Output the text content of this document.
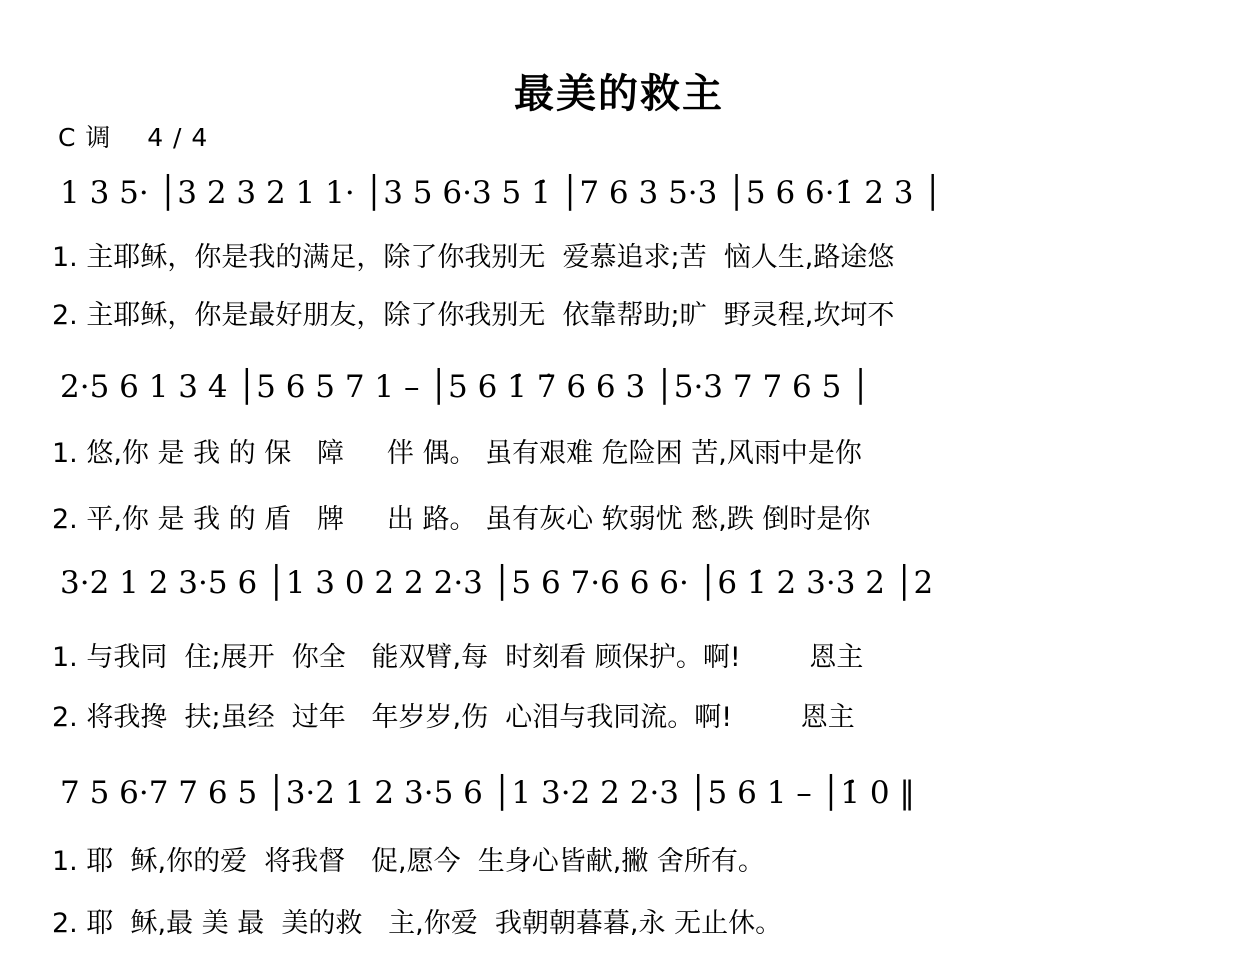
最美的救主
C 调    4 / 4
1 3 5· │3 2 3 2 1 1· │3 5 6·3 5 1̇ │7 6 3 5·3 │5 6 6·1̇ 2 3 │
1. 主耶稣，你是我的满足，除了你我别无  爱慕追求;苦  恼人生,路途悠
2. 主耶稣，你是最好朋友，除了你我别无  依靠帮助;旷  野灵程,坎坷不
2·5 6 1 3 4 │5 6 5 7 1 – │5 6 1̇ 7̇ 6 6 3 │5·3 7 7 6 5 │
1. 悠,你 是 我 的 保   障     伴 偶。 虽有艰难 危险困 苦,风雨中是你
2. 平,你 是 我 的 盾   牌     出 路。 虽有灰心 软弱忧 愁,跌 倒时是你
3·2 1 2 3·5 6 │1 3 0 2 2 2·3 │5 6 7·6 6 6· │6 1̇ 2 3·3 2 │2
1. 与我同  住;展开  你全   能双臂,每  时刻看 顾保护。啊!        恩主
2. 将我搀  扶;虽经  过年   年岁岁,伤  心泪与我同流。啊!        恩主
7 5 6·7 7 6 5 │3·2 1 2 3·5 6 │1 3·2 2 2·3 │5 6 1 – │1̇ 0 ‖
1. 耶  稣,你的爱  将我督   促,愿今  生身心皆献,撇 舍所有。
2. 耶  稣,最 美 最  美的救   主,你爱  我朝朝暮暮,永 无止休。
